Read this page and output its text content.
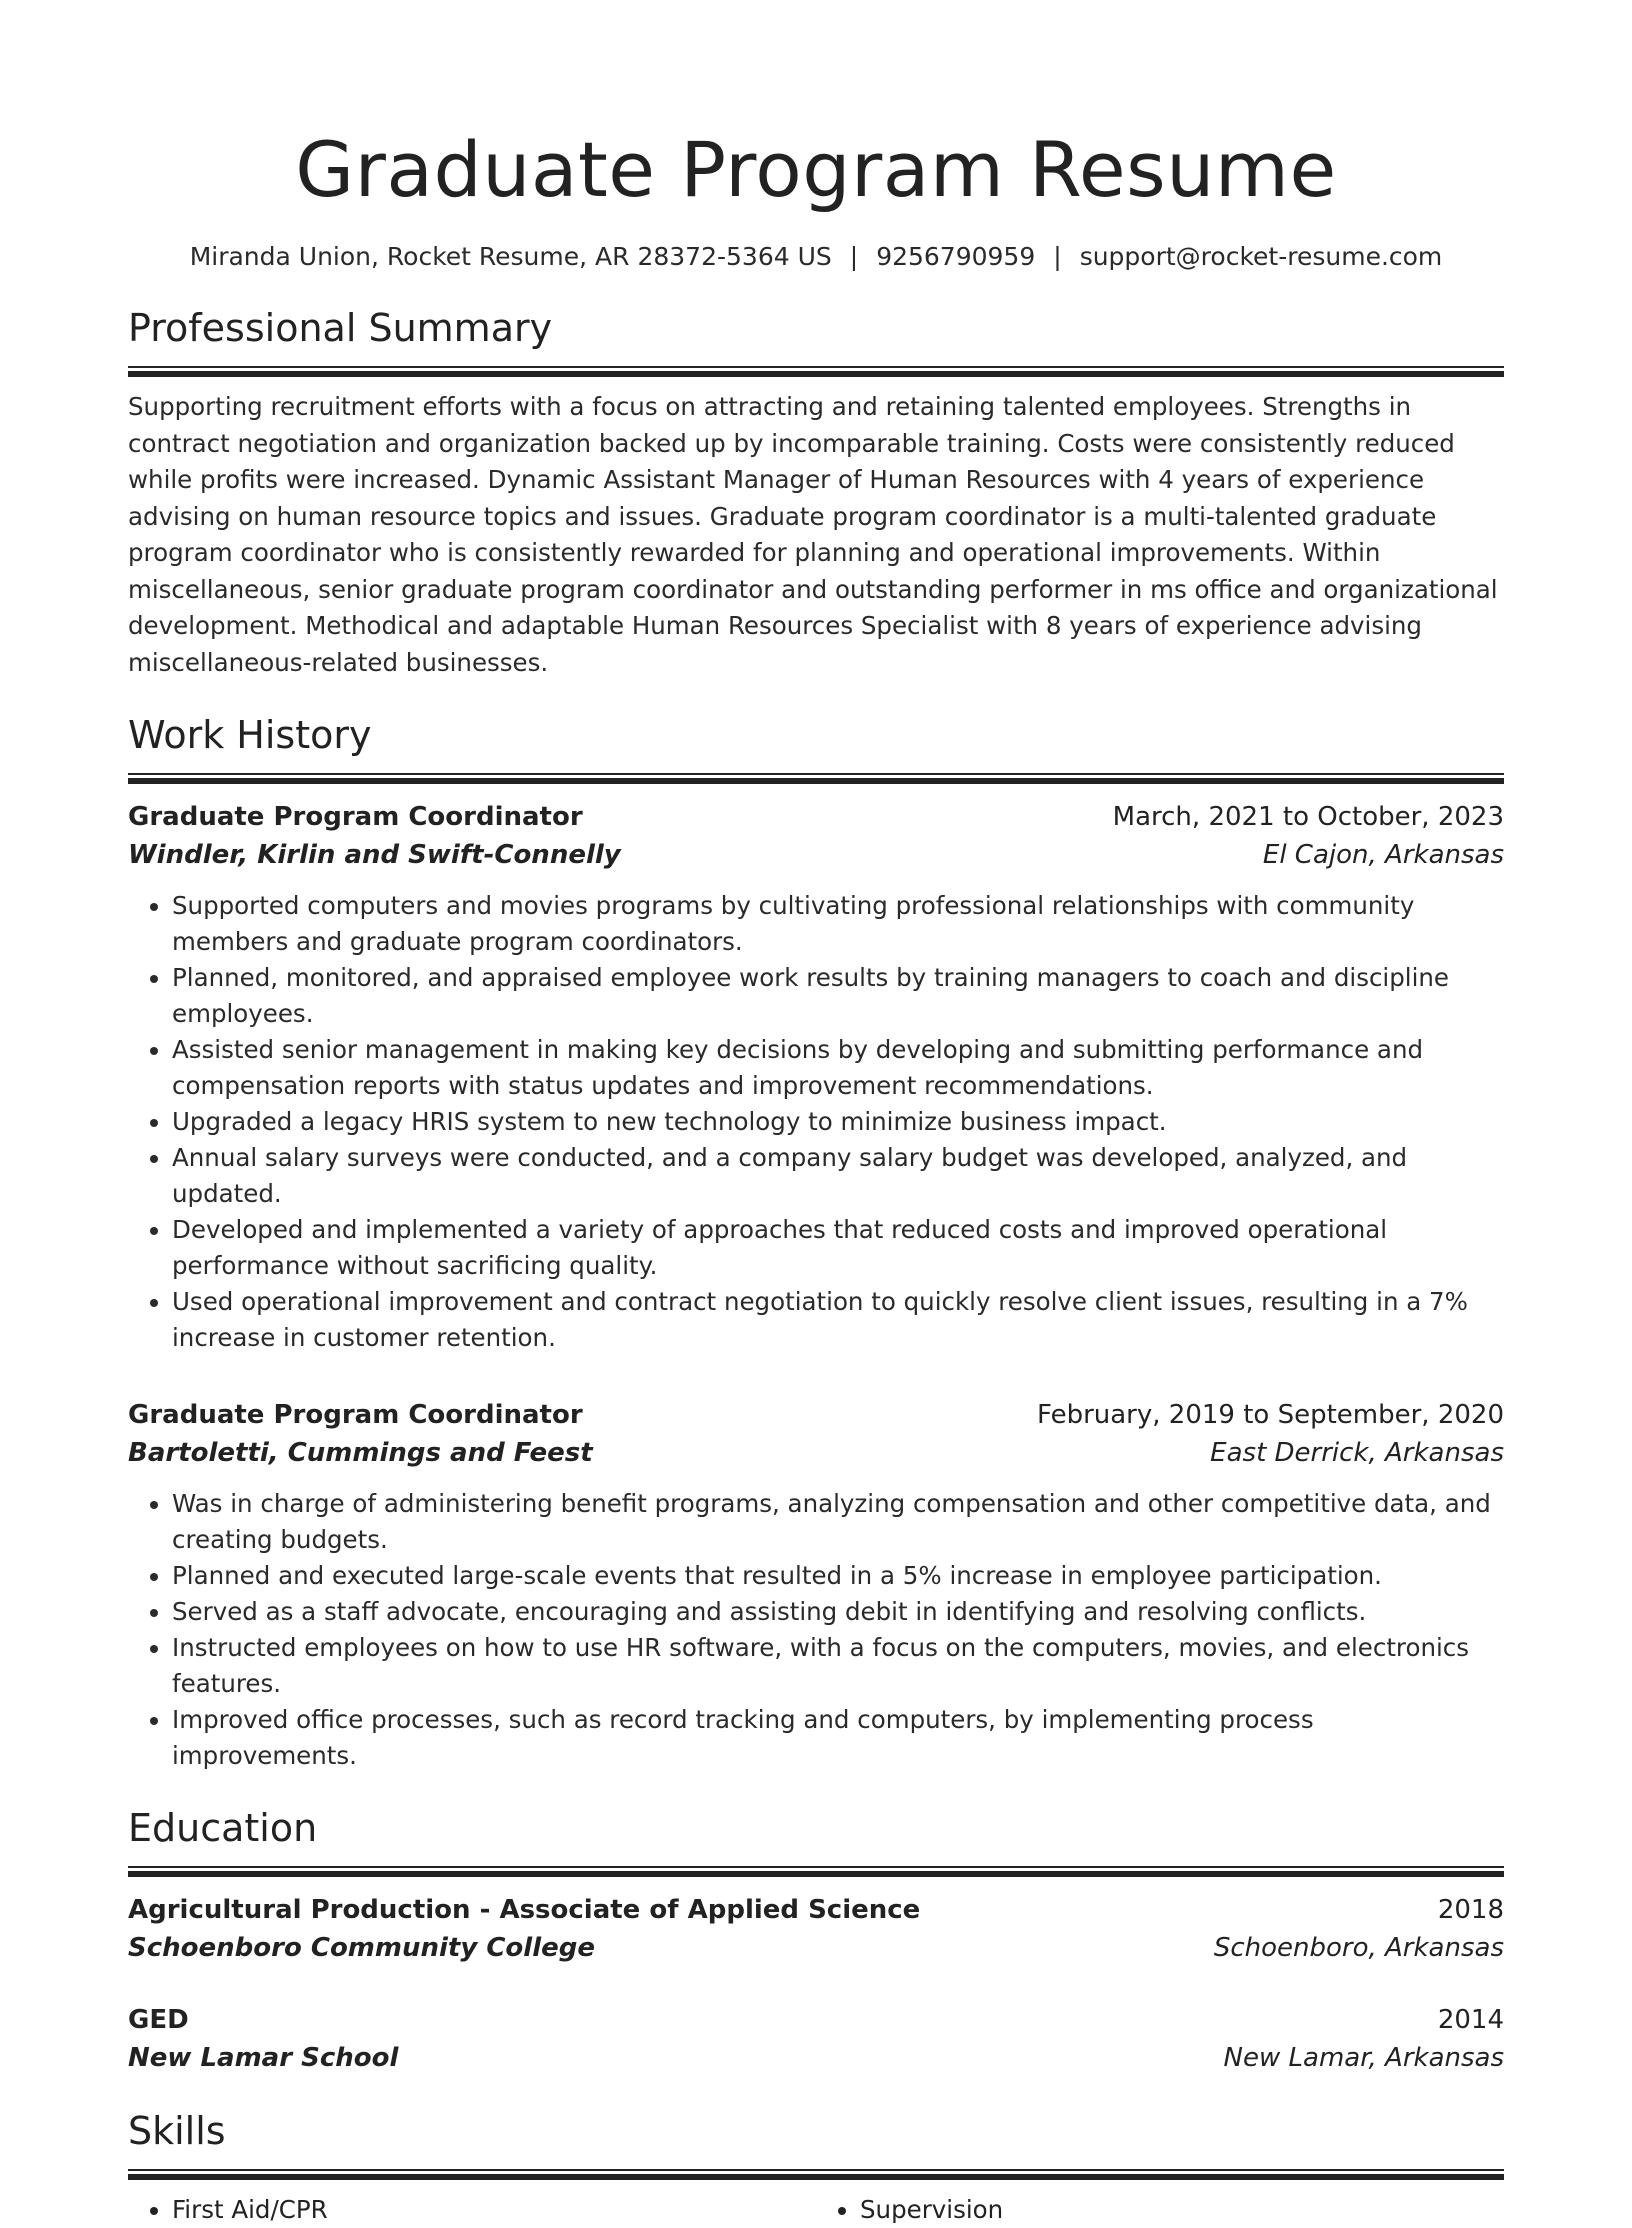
Graduate Program Resume
Miranda Union, Rocket Resume, AR 28372-5364 US | 9256790959 | support@rocket-resume.com
Professional Summary

Supporting recruitment efforts with a focus on attracting and retaining talented employees. Strengths in contract negotiation and organization backed up by incomparable training. Costs were consistently reduced while profits were increased. Dynamic Assistant Manager of Human Resources with 4 years of experience advising on human resource topics and issues. Graduate program coordinator is a multi-talented graduate program coordinator who is consistently rewarded for planning and operational improvements. Within miscellaneous, senior graduate program coordinator and outstanding performer in ms office and organizational development. Methodical and adaptable Human Resources Specialist with 8 years of experience advising miscellaneous-related businesses.

Work History
Graduate Program Coordinator	March, 2021 to October, 2023
Windler, Kirlin and Swift-Connelly	El Cajon, Arkansas
• Supported computers and movies programs by cultivating professional relationships with community members and graduate program coordinators.
• Planned, monitored, and appraised employee work results by training managers to coach and discipline employees.
• Assisted senior management in making key decisions by developing and submitting performance and compensation reports with status updates and improvement recommendations.
• Upgraded a legacy HRIS system to new technology to minimize business impact.
• Annual salary surveys were conducted, and a company salary budget was developed, analyzed, and updated.
• Developed and implemented a variety of approaches that reduced costs and improved operational performance without sacrificing quality.
• Used operational improvement and contract negotiation to quickly resolve client issues, resulting in a 7% increase in customer retention.
Graduate Program Coordinator	February, 2019 to September, 2020
Bartoletti, Cummings and Feest	East Derrick, Arkansas
• Was in charge of administering benefit programs, analyzing compensation and other competitive data, and creating budgets.
• Planned and executed large-scale events that resulted in a 5% increase in employee participation.
• Served as a staff advocate, encouraging and assisting debit in identifying and resolving conflicts.
• Instructed employees on how to use HR software, with a focus on the computers, movies, and electronics features.
• Improved office processes, such as record tracking and computers, by implementing process improvements.
Education
Agricultural Production - Associate of Applied Science	2018
Schoenboro Community College	Schoenboro, Arkansas
GED	2014
New Lamar School	New Lamar, Arkansas
Skills
• First Aid/CPR
•	Supervision
